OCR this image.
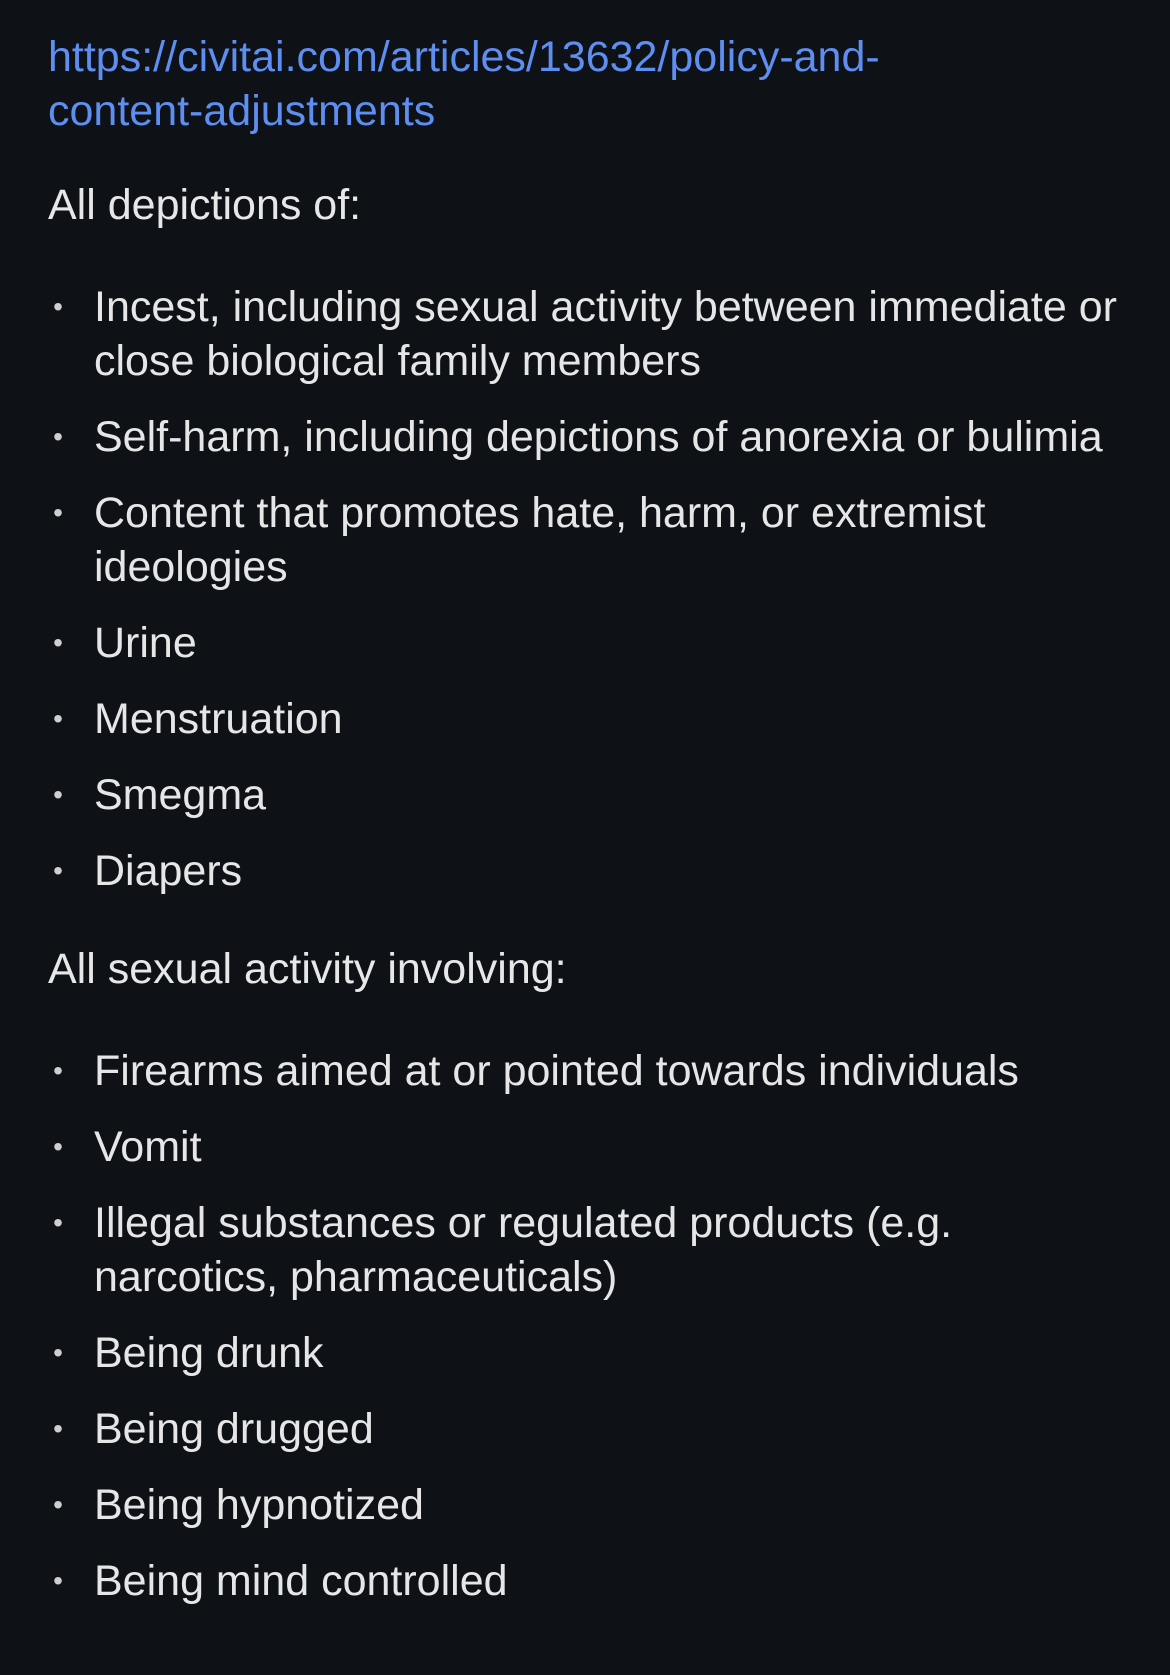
https://civitai.com/articles/13632/policy-and-content-adjustments

All depictions of:

• Incest, including sexual activity between immediate or close biological family members
• Self-harm, including depictions of anorexia or bulimia
• Content that promotes hate, harm, or extremist ideologies
• Urine
• Menstruation
• Smegma
• Diapers

All sexual activity involving:

• Firearms aimed at or pointed towards individuals
• Vomit
• Illegal substances or regulated products (e.g. narcotics, pharmaceuticals)
• Being drunk
• Being drugged
• Being hypnotized
• Being mind controlled
